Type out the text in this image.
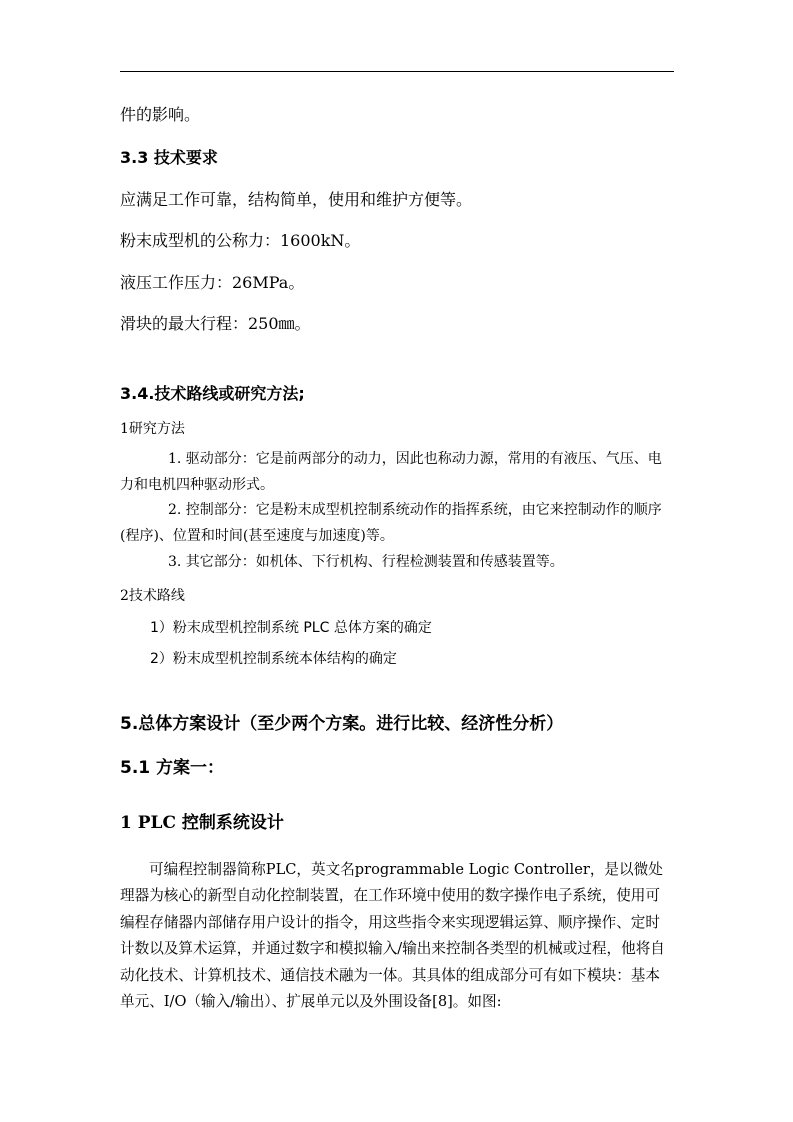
件的影响。
3.3 技术要求
应满足工作可靠，结构简单，使用和维护方便等。
粉末成型机的公称力：1600kN。
液压工作压力：26MPa。
滑块的最大行程：250㎜。
3.4.技术路线或研究方法;
1研究方法
1. 驱动部分：它是前两部分的动力，因此也称动力源，常用的有液压、气压、电力和电机四种驱动形式。
2. 控制部分：它是粉末成型机控制系统动作的指挥系统，由它来控制动作的顺序(程序)、位置和时间(甚至速度与加速度)等。
3. 其它部分：如机体、下行机构、行程检测装置和传感装置等。
2技术路线
1）粉末成型机控制系统 PLC 总体方案的确定
2）粉末成型机控制系统本体结构的确定
5.总体方案设计（至少两个方案。进行比较、经济性分析）
5.1 方案一：
1 PLC 控制系统设计
可编程控制器简称PLC，英文名programmable Logic Controller，是以微处理器为核心的新型自动化控制装置，在工作环境中使用的数字操作电子系统，使用可编程存储器内部储存用户设计的指令，用这些指令来实现逻辑运算、顺序操作、定时计数以及算术运算，并通过数字和模拟输入/输出来控制各类型的机械或过程，他将自动化技术、计算机技术、通信技术融为一体。其具体的组成部分可有如下模块：基本单元、I/O（输入/输出）、扩展单元以及外围设备[8]。如图:
